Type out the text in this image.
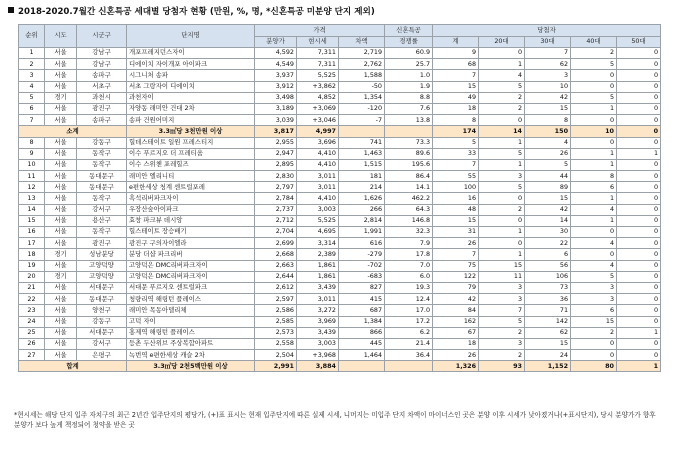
2018-2020.7월간 신혼특공 세대별 당첨자 현황 (만원, %, 명, *신혼특공 미분양 단지 제외)
순위	시도	시군구	단지명	가격			신혼특공	당첨자				
				분양가	현시세	차액	경쟁률	계	20대	30대	40대	50대
1	서울	강남구	개포프레지던스자이	4,592	7,311	2,719	60.9	9	0	7	2	0
2	서울	강남구	디에이치 자이개포 아이파크	4,549	7,311	2,762	25.7	68	1	62	5	0
3	서울	송파구	시그니처 송파	3,937	5,525	1,588	1.0	7	4	3	0	0
4	서울	서초구	서초 그랑자이 디에이치	3,912	+3,862	-50	1.9	15	5	10	0	0
5	경기	과천시	과천자이	3,498	4,852	1,354	8.8	49	2	42	5	0
6	서울	광진구	자양동 래미안 건대 2차	3,189	+3,069	-120	7.6	18	2	15	1	0
7	서울	송파구	송파 건원어미지	3,039	+3,046	-7	13.8	8	0	8	0	0
소계			3.3㎡당 3천만원 이상	3,817	4,997			174	14	150	10	0
8	서울	강동구	힐데스테이트 일원 프레스티지	2,955	3,696	741	73.3	5	1	4	0	0
9	서울	동작구	이수 푸르지오 더 프레티움	2,947	4,410	1,463	89.6	33	5	26	1	1
10	서울	동작구	이수 스위첸 포레힐즈	2,895	4,410	1,515	195.6	7	1	5	1	0
11	서울	동대문구	래미안 엘리니티	2,830	3,011	181	86.4	55	3	44	8	0
12	서울	동대문구	e편한세상 청계 센트럴포레	2,797	3,011	214	14.1	100	5	89	6	0
13	서울	동작구	흑석리버파크자이	2,784	4,410	1,626	462.2	16	0	15	1	0
14	서울	강서구	우장산숲아이파크	2,737	3,003	266	64.3	48	2	42	4	0
15	서울	용산구	효창 파크뷰 데시앙	2,712	5,525	2,814	146.8	15	0	14	1	0
16	서울	동작구	힐스테이트 장승배기	2,704	4,695	1,991	32.3	31	1	30	0	0
17	서울	광진구	광진구 구의자이엘라	2,699	3,314	616	7.9	26	0	22	4	0
18	경기	성남분당	분당 더샵 파크리버	2,668	2,389	-279	17.8	7	1	6	0	0
19	서울	고양덕양	고양덕은 DMC리버파크자이	2,663	1,861	-702	7.0	75	15	56	4	0
20	경기	고양덕양	고양덕은 DMC리버파크자이	2,644	1,861	-683	6.0	122	11	106	5	0
21	서울	서대문구	서대문 푸르지오 센트럴파크	2,612	3,439	827	19.3	79	3	73	3	0
22	서울	동대문구	청량리역 해링턴 플레이스	2,597	3,011	415	12.4	42	3	36	3	0
23	서울	양천구	래미안 목동아델리체	2,586	3,272	687	17.0	84	7	71	6	0
24	서울	강동구	고덕 자이	2,585	3,969	1,384	17.2	162	5	142	15	0
25	서울	서대문구	홍제역 해링턴 플레이스	2,573	3,439	866	6.2	67	2	62	2	1
26	서울	강서구	등촌 두산위브 주상복합아파트	2,558	3,003	445	21.4	18	3	15	0	0
27	서울	은평구	녹번역 e편한세상 캐슬 2차	2,504	+3,968	1,464	36.4	26	2	24	0	0
합계			3.3㎡당 2천5백만원 이상	2,991	3,884			1,326	93	1,152	80	1
*현시세는 해당 단지 입주 자치구의 최근 2년간 입주단지의 평당가, (+)표 표시는 현재 입주단지에 따른 실제 시세, 니머지는 미입주 단지 차액이 마이너스인 곳은 분양 이후 시세가 낮아졌거나(+표시단지), 당시 분양가가 향후 분양가 보다 높게 책정되어 청약을 받은 곳
